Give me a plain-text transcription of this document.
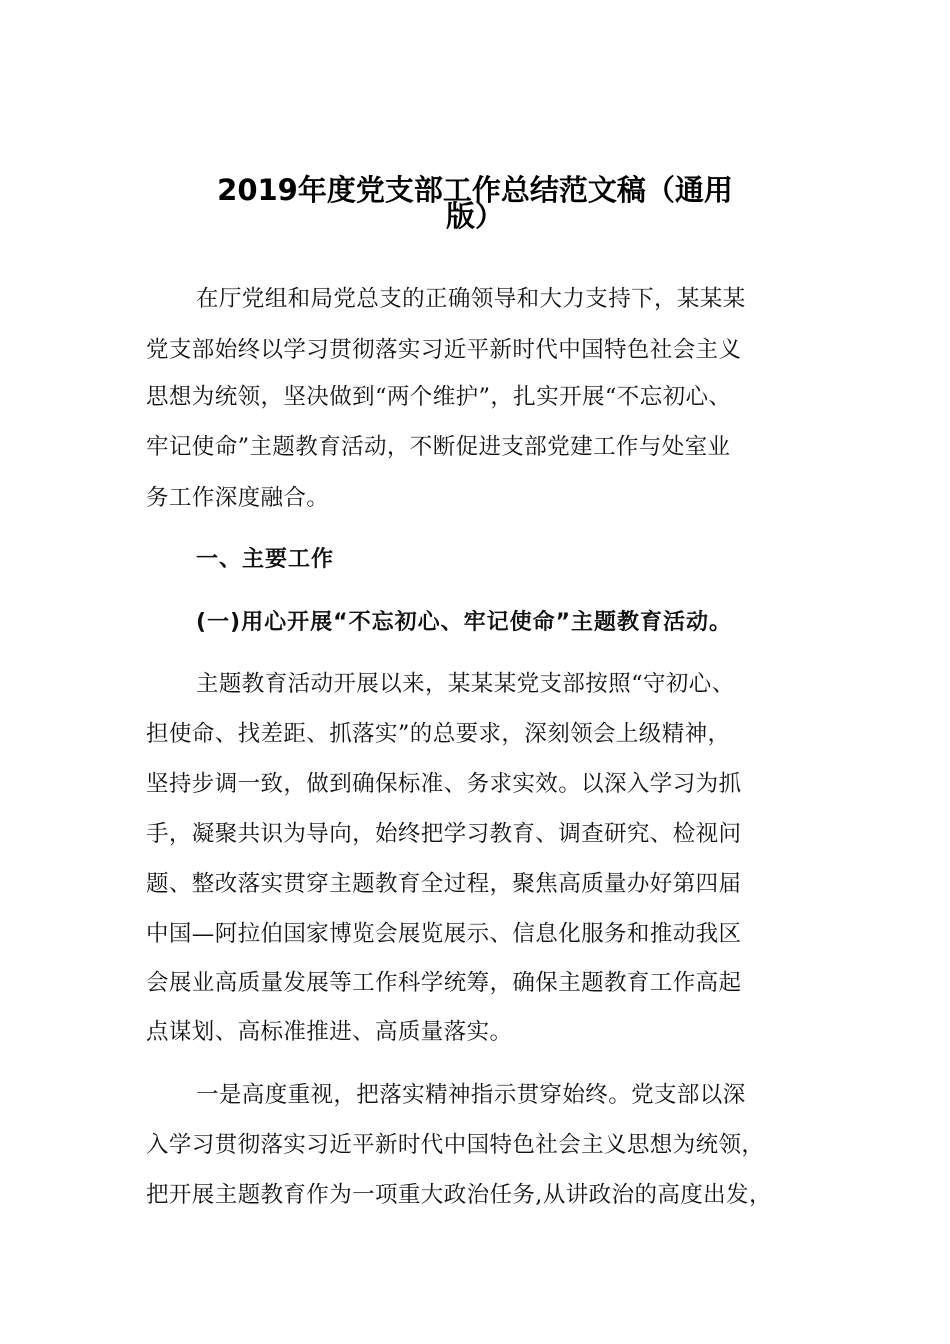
2019年度党支部工作总结范文稿（通用
版）

在厅党组和局党总支的正确领导和大力支持下，某某某

党支部始终以学习贯彻落实习近平新时代中国特色社会主义

思想为统领，坚决做到“两个维护”，扎实开展“不忘初心、

牢记使命”主题教育活动，不断促进支部党建工作与处室业

务工作深度融合。

一、主要工作

(一)用心开展“不忘初心、牢记使命”主题教育活动。

主题教育活动开展以来，某某某党支部按照“守初心、

担使命、找差距、抓落实”的总要求，深刻领会上级精神，

坚持步调一致，做到确保标准、务求实效。以深入学习为抓

手，凝聚共识为导向，始终把学习教育、调查研究、检视问

题、整改落实贯穿主题教育全过程，聚焦高质量办好第四届

中国—阿拉伯国家博览会展览展示、信息化服务和推动我区

会展业高质量发展等工作科学统筹，确保主题教育工作高起

点谋划、高标准推进、高质量落实。

一是高度重视，把落实精神指示贯穿始终。党支部以深

入学习贯彻落实习近平新时代中国特色社会主义思想为统领，

把开展主题教育作为一项重大政治任务,从讲政治的高度出发，
